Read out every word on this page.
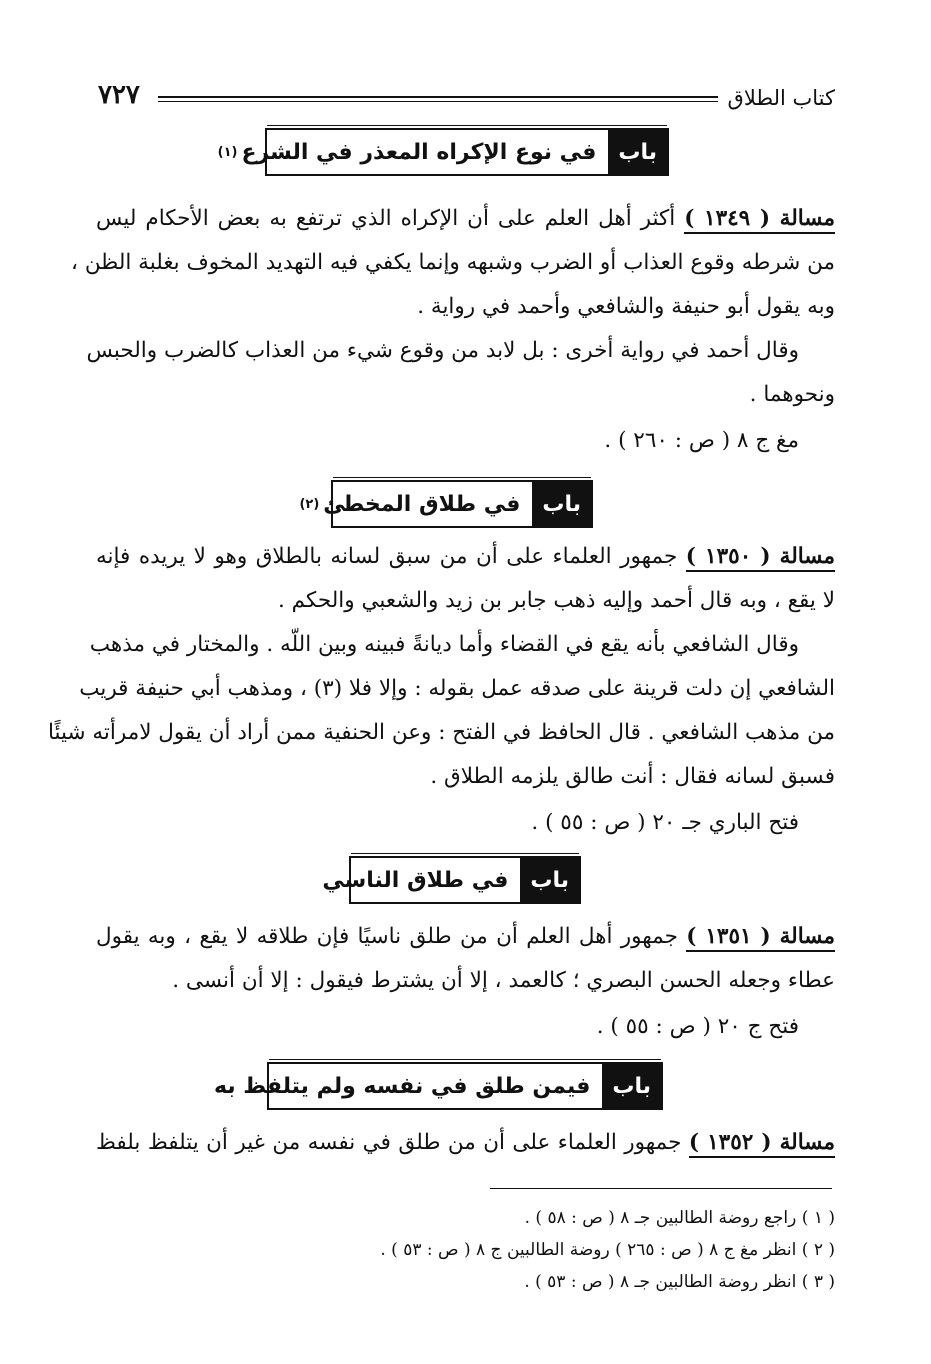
كتاب الطلاق
٧٢٧
باب
في نوع الإكراه المعذر في الشرع
(١)
مسالة ( ١٣٤٩ ) أكثر أهل العلم على أن الإكراه الذي ترتفع به بعض الأحكام ليس
من شرطه وقوع العذاب أو الضرب وشبهه وإنما يكفي فيه التهديد المخوف بغلبة الظن ،
وبه يقول أبو حنيفة والشافعي وأحمد في رواية .
وقال أحمد في رواية أخرى : بل لابد من وقوع شيء من العذاب كالضرب والحبس
ونحوهما .
مغ ج ٨ ( ص : ٢٦٠ ) .
باب
في طلاق المخطئ
(٢)
مسالة ( ١٣٥٠ ) جمهور العلماء على أن من سبق لسانه بالطلاق وهو لا يريده فإنه
لا يقع ، وبه قال أحمد وإليه ذهب جابر بن زيد والشعبي والحكم .
وقال الشافعي بأنه يقع في القضاء وأما ديانةً فبينه وبين اللّه . والمختار في مذهب
الشافعي إن دلت قرينة على صدقه عمل بقوله : وإلا فلا (٣) ، ومذهب أبي حنيفة قريب
من مذهب الشافعي . قال الحافظ في الفتح : وعن الحنفية ممن أراد أن يقول لامرأته شيئًا
فسبق لسانه فقال : أنت طالق يلزمه الطلاق .
فتح الباري جـ ٢٠ ( ص : ٥٥ ) .
باب
في طلاق الناسي
مسالة ( ١٣٥١ ) جمهور أهل العلم أن من طلق ناسيًا فإن طلاقه لا يقع ، وبه يقول
عطاء وجعله الحسن البصري ؛ كالعمد ، إلا أن يشترط فيقول : إلا أن أنسى .
فتح ج ٢٠ ( ص : ٥٥ ) .
باب
فيمن طلق في نفسه ولم يتلفظ به
مسالة ( ١٣٥٢ ) جمهور العلماء على أن من طلق في نفسه من غير أن يتلفظ بلفظ
( ١ ) راجع روضة الطالبين جـ ٨ ( ص : ٥٨ ) .
( ٢ ) انظر مغ ج ٨ ( ص : ٢٦٥ ) روضة الطالبين ج ٨ ( ص : ٥٣ ) .
( ٣ ) انظر روضة الطالبين جـ ٨ ( ص : ٥٣ ) .
